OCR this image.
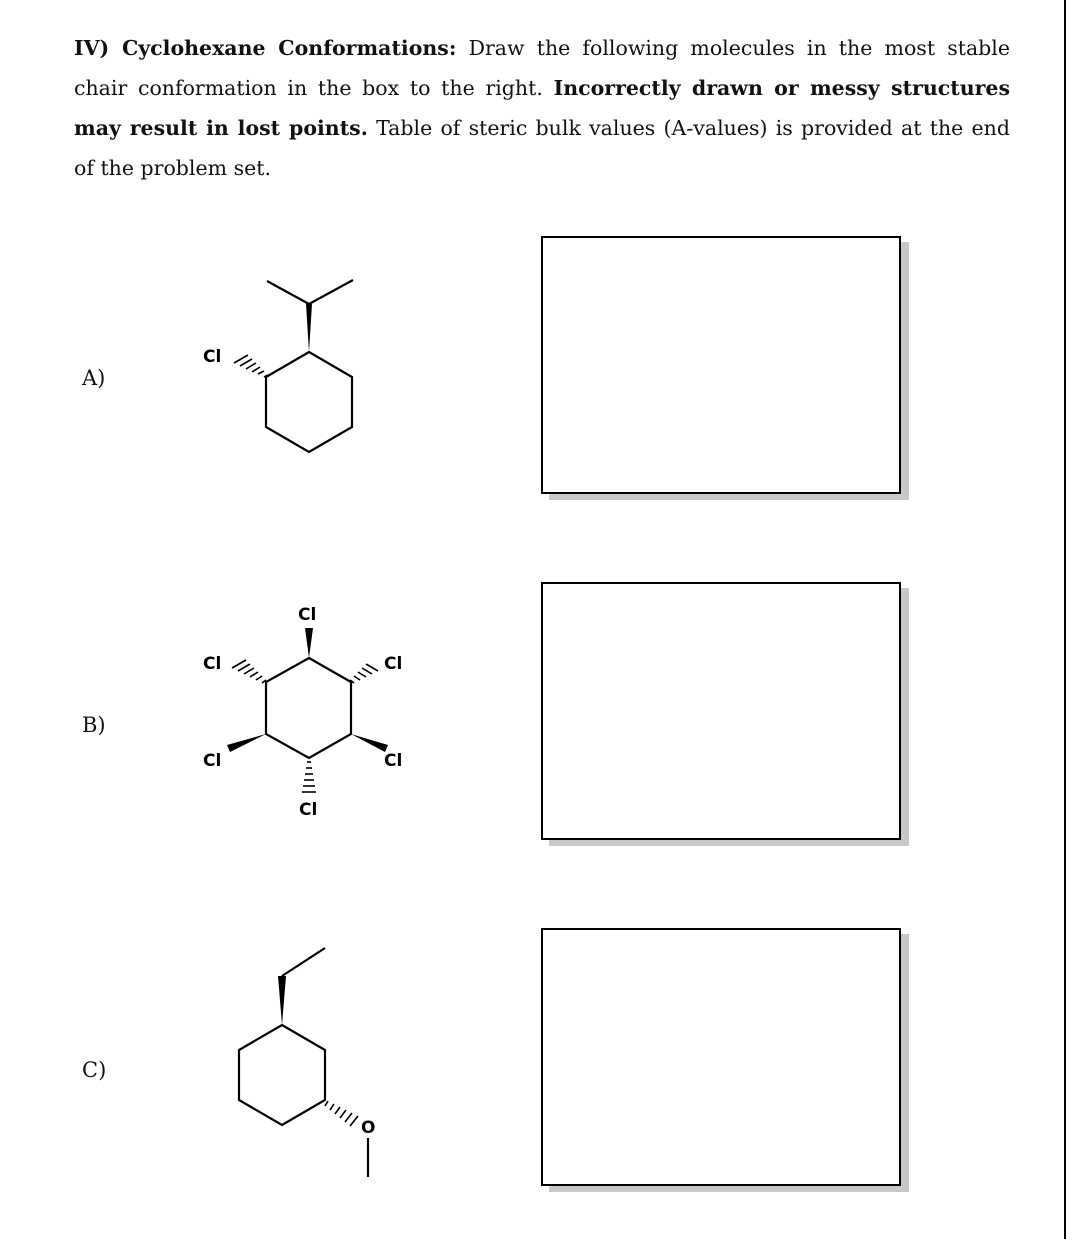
IV) Cyclohexane Conformations: Draw the following molecules in the most stable chair conformation in the box to the right. Incorrectly drawn or messy structures may result in lost points. Table of steric bulk values (A-values) is provided at the end of the problem set.

A)
B)
C)
Cl
Cl
Cl	Cl
Cl	Cl
Cl
O
